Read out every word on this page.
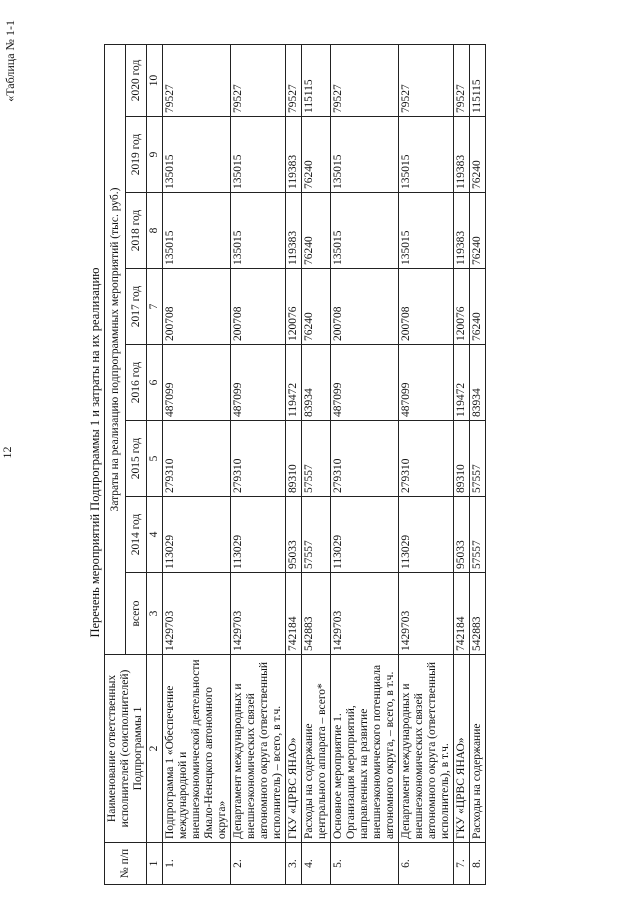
12
«Таблица № 1-1
Перечень мероприятий Подпрограммы 1 и затраты на их реализацию
№ п/п	Наименование ответственных исполнителей (соисполнителей) Подпрограммы 1	Затраты на реализацию подпрограммных мероприятий (тыс. руб.)							
		всего	2014 год	2015 год	2016 год	2017 год	2018 год	2019 год	2020 год
1	2	3	4	5	6	7	8	9	10
1.	Подпрограмма 1 «Обеспечение международной и внешнеэкономической деятельности Ямало-Ненецкого автономного округа»	1429703	113029	279310	487099	200708	135015	135015	79527
2.	Департамент международных и внешнеэкономических связей автономного округа (ответственный исполнитель) – всего, в т.ч.	1429703	113029	279310	487099	200708	135015	135015	79527
3.	ГКУ «ЦРВС ЯНАО»	742184	95033	89310	119472	120076	119383	119383	79527
4.	Расходы на содержание центрального аппарата – всего*	542883	57557	57557	83934	76240	76240	76240	115115
5.	Основное мероприятие 1. Организация мероприятий, направленных на развитие внешнеэкономического потенциала автономного округа, – всего, в т.ч.	1429703	113029	279310	487099	200708	135015	135015	79527
6.	Департамент международных и внешнеэкономических связей автономного округа (ответственный исполнитель), в т.ч.	1429703	113029	279310	487099	200708	135015	135015	79527
7.	ГКУ «ЦРВС ЯНАО»	742184	95033	89310	119472	120076	119383	119383	79527
8.	Расходы на содержание	542883	57557	57557	83934	76240	76240	76240	115115
